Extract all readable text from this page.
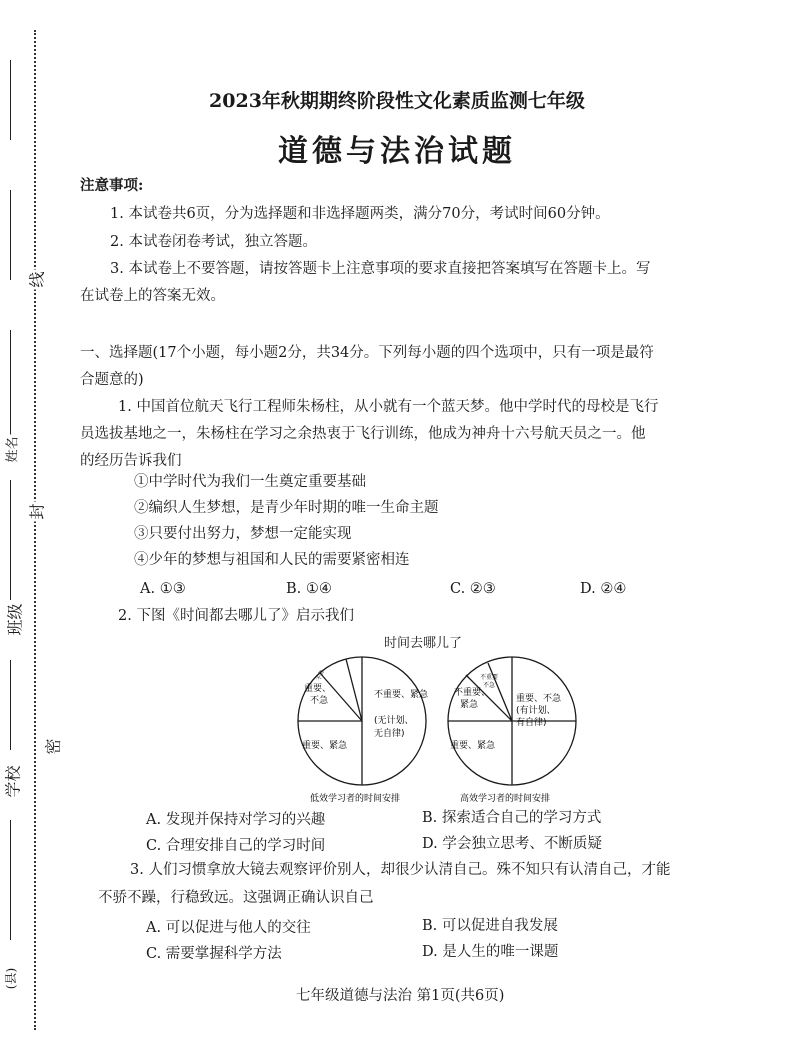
线
封
班级
密
学校
姓名
(县)
2023年秋期期终阶段性文化素质监测七年级
道德与法治试题
注意事项:
1. 本试卷共6页，分为选择题和非选择题两类，满分70分，考试时间60分钟。
2. 本试卷闭卷考试，独立答题。
3. 本试卷上不要答题，请按答题卡上注意事项的要求直接把答案填写在答题卡上。写
在试卷上的答案无效。
一、选择题(17个小题，每小题2分，共34分。下列每小题的四个选项中，只有一项是最符
合题意的)
1. 中国首位航天飞行工程师朱杨柱，从小就有一个蓝天梦。他中学时代的母校是飞行
员选拔基地之一，朱杨柱在学习之余热衷于飞行训练，他成为神舟十六号航天员之一。他
的经历告诉我们
①中学时代为我们一生奠定重要基础
②编织人生梦想，是青少年时期的唯一生命主题
③只要付出努力，梦想一定能实现
④少年的梦想与祖国和人民的需要紧密相连
A. ①③	B. ①④	C. ②③	D. ②④
2. 下图《时间都去哪儿了》启示我们
时间去哪儿了
不急
重要、
不急
重要、紧急
不重要、紧急
(无计划、
无自律)
不重要
不急
不重要、
紧急
重要、不急
(有计划、
有自律)
重要、紧急
低效学习者的时间安排	高效学习者的时间安排
A. 发现并保持对学习的兴趣	B. 探索适合自己的学习方式
C. 合理安排自己的学习时间	D. 学会独立思考、不断质疑
3. 人们习惯拿放大镜去观察评价别人，却很少认清自己。殊不知只有认清自己，才能
不骄不躁，行稳致远。这强调正确认识自己
A. 可以促进与他人的交往	B. 可以促进自我发展
C. 需要掌握科学方法	D. 是人生的唯一课题
七年级道德与法治 第1页(共6页)
